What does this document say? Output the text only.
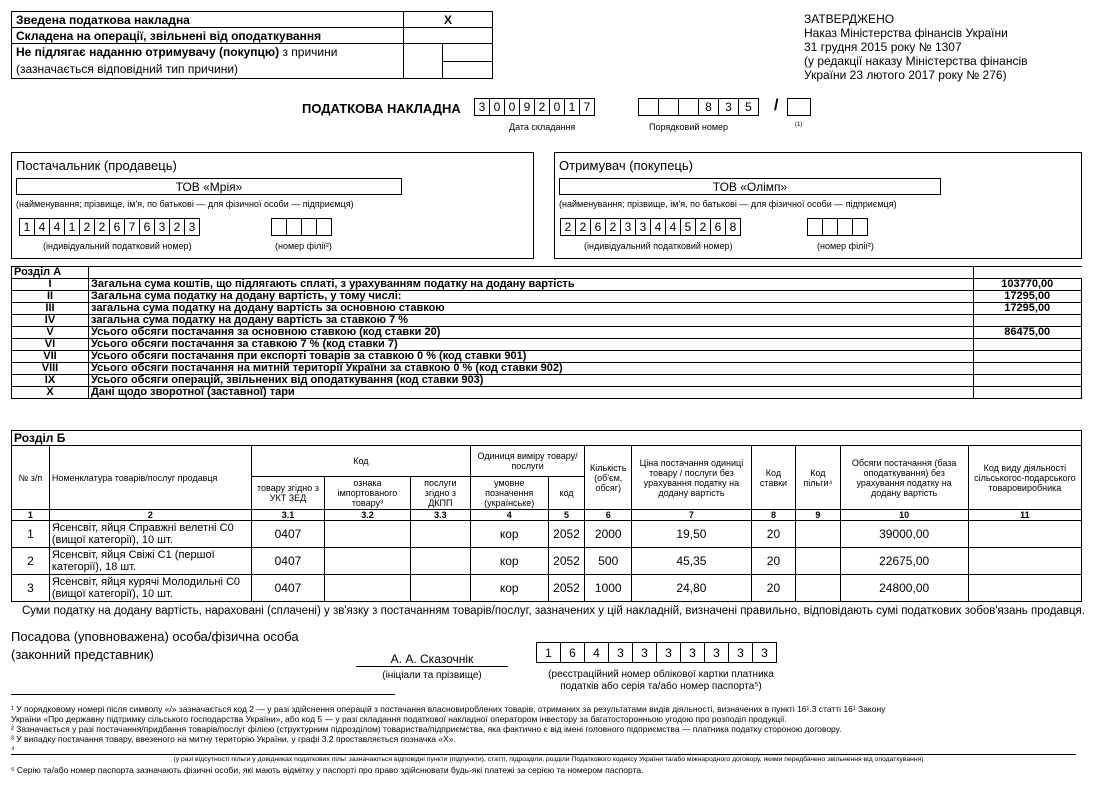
Зведена податкова накладна	X	
Складена на операції, звільнені від оподаткування		
Не підлягає наданню отримувачу (покупцю) з причини
(зазначається відповідний тип причини)		

ЗАТВЕРДЖЕНО
Наказ Міністерства фінансів України
31 грудня 2015 року № 1307
(у редакції наказу Міністерства фінансів
України 23 лютого 2017 року № 276)
ПОДАТКОВА НАКЛАДНА	3 0 0 9 2 0 1 7
Дата складання
8	3	5
Порядковий номер
/
(1)
Постачальник (продавець)
ТОВ «Мрія»
(найменування; прізвище, ім'я, по батькові — для фізичної особи — підприємця)
1 4 4 1 2 2 6 7 6 3 2 3
(індивідуальний податковий номер)	(номер філії²)
Отримувач (покупець)
ТОВ «Олімп»
(найменування; прізвище, ім'я, по батькові — для фізичної особи — підприємця)
2 2 6 2 3 3 4 4 5 2 6 8
(індивідуальний податковий номер)	(номер філії²)
Розділ А		
I	Загальна сума коштів, що підлягають сплаті, з урахуванням податку на додану вартість	103770,00
II	Загальна сума податку на додану вартість, у тому числі:	17295,00
III	загальна сума податку на додану вартість за основною ставкою	17295,00
IV	загальна сума податку на додану вартість за ставкою 7 %	
V	Усього обсяги постачання за основною ставкою (код ставки 20)	86475,00
VI	Усього обсяги постачання за ставкою 7 % (код ставки 7)	
VII	Усього обсяги постачання при експорті товарів за ставкою 0 % (код ставки 901)	
VIII	Усього обсяги постачання на митній території України за ставкою 0 % (код ставки 902)	
IX	Усього обсяги операцій, звільнених від оподаткування (код ставки 903)	
X	Дані щодо зворотної (заставної) тари	
Розділ Б												
№ з/п	Номенклатура товарів/послуг продавця	Код			Одиниця виміру товару/послуги		Кількість (об'єм, обсяг)	Ціна постачання одиниці товару / послуги без урахування податку на додану вартість	Код ставки	Код пільги⁴	Обсяги постачання (база оподаткування) без урахування податку на додану вартість	Код виду діяльності сільськогос-подарського товаровиробника
		товару згідно з УКТ ЗЕД	ознака імпортованого товару³	послуги згідно з ДКПП	умовне позначення (українське)	код						
1	2	3.1	3.2	3.3	4	5	6	7	8	9	10	11
1	Ясенсвіт, яйця Справжні велетні С0 (вищої категорії), 10 шт.	0407			кор	2052	2000	19,50	20		39000,00	
2	Ясенсвіт, яйця Свіжі С1 (першої категорії), 18 шт.	0407			кор	2052	500	45,35	20		22675,00	
3	Ясенсвіт, яйця курячі Молодильні С0 (вищої категорії), 10 шт.	0407			кор	2052	1000	24,80	20		24800,00	
Суми податку на додану вартість, нараховані (сплачені) у зв'язку з постачанням товарів/послуг, зазначених у цій накладній, визначені правильно, відповідають сумі податкових зобов'язань продавця.
Посадова (уповноважена) особа/фізична особа
(законний представник)	А. А. Сказочнік
(ініціали та прізвище)
1	6	4	3	3	3	3	3	3	3
(реєстраційний номер облікової картки платника
податків або серія та/або номер паспорта⁵)
¹ У порядковому номері після символу «/» зазначається код 2 — у разі здійснення операцій з постачання власновироблених товарів, отриманих за результатами видів діяльності, визначених в пункті 16¹.3 статті 16¹ Закону
України «Про державну підтримку сільського господарства України», або код 5 — у разі складання податкової накладної оператором інвестору за багатосторонньою угодою про розподіл продукції.
² Зазначається у разі постачання/придбання товарів/послуг філією (структурним підрозділом) товариства/підприємства, яка фактично є від імені головного підприємства — платника податку стороною договору.
³ У випадку постачання товару, ввезеного на митну територію України, у графі 3.2 проставляється позначка «Х».
⁴
(у разі відсутності пільги у довідниках податкових пільг зазначаються відповідні пункти (підпункти), статті, підрозділи, розділи Податкового кодексу України та/або міжнародного договору, якими передбачено звільнення від оподаткування)
⁵ Серію та/або номер паспорта зазначають фізичні особи, які мають відмітку у паспорті про право здійснювати будь-які платежі за серією та номером паспорта.
